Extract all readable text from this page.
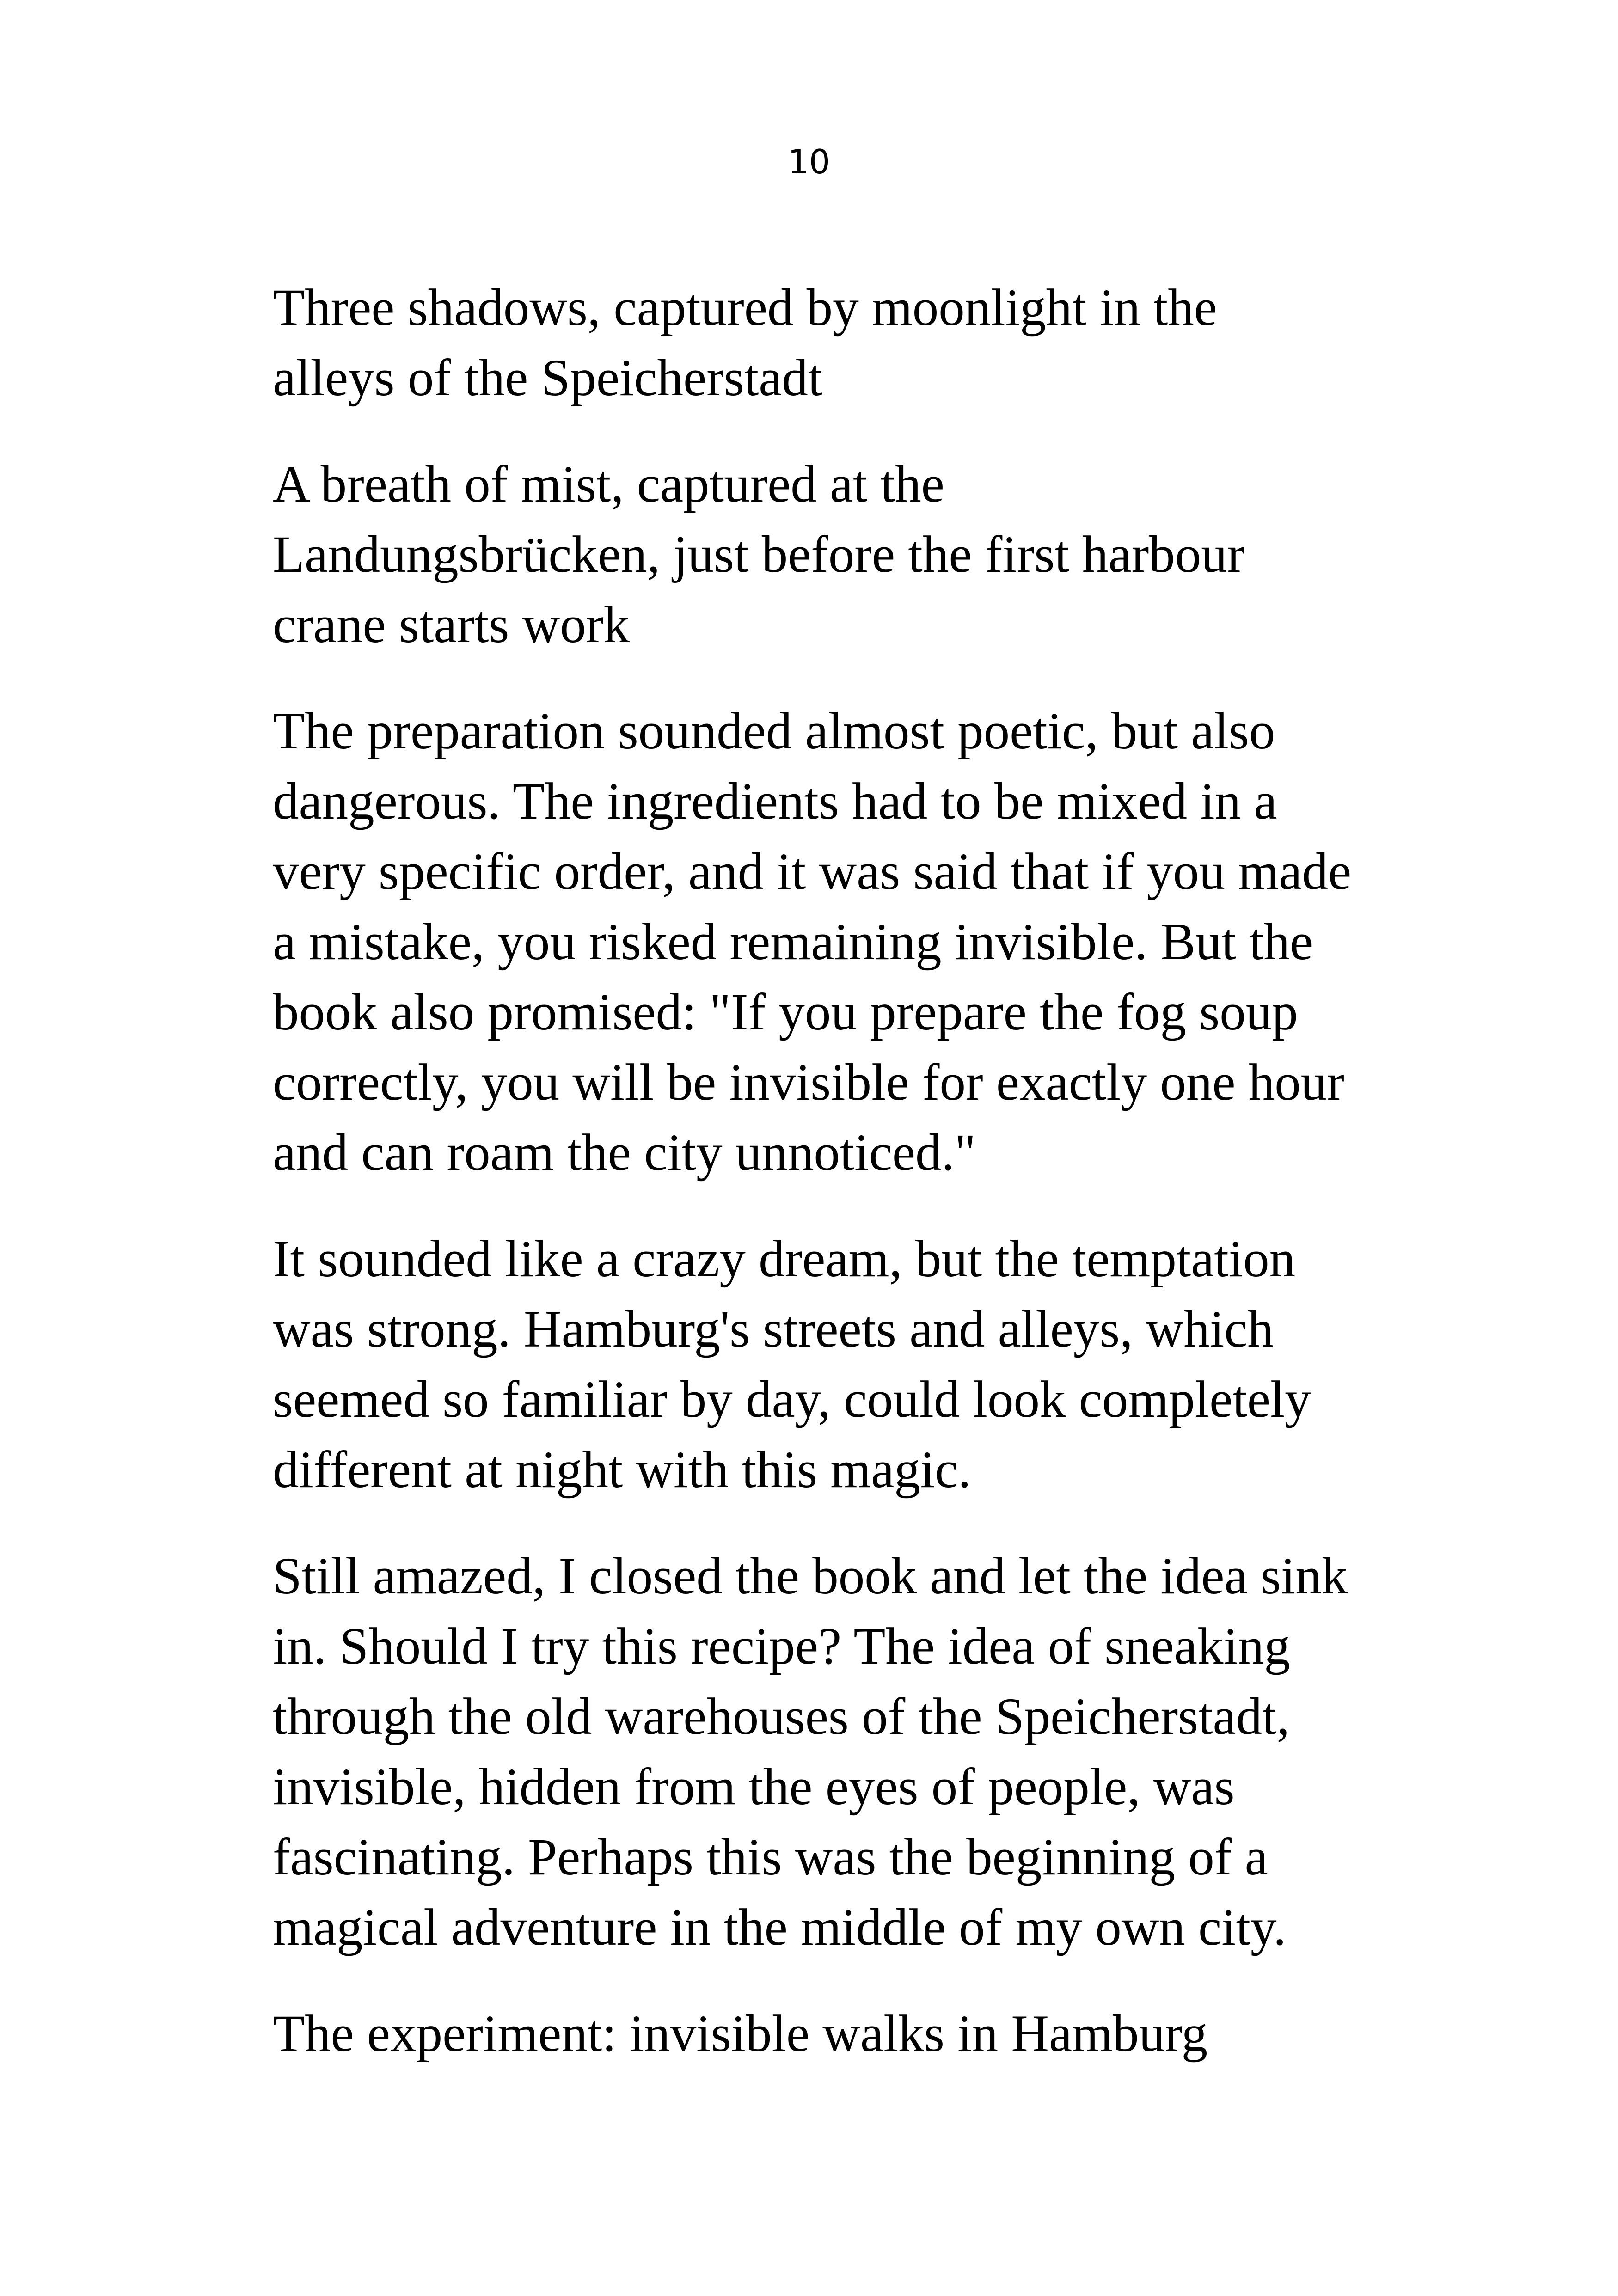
10

Three shadows, captured by moonlight in the
alleys of the Speicherstadt

A breath of mist, captured at the
Landungsbrücken, just before the first harbour
crane starts work

The preparation sounded almost poetic, but also
dangerous. The ingredients had to be mixed in a
very specific order, and it was said that if you made
a mistake, you risked remaining invisible. But the
book also promised: "If you prepare the fog soup
correctly, you will be invisible for exactly one hour
and can roam the city unnoticed."

It sounded like a crazy dream, but the temptation
was strong. Hamburg's streets and alleys, which
seemed so familiar by day, could look completely
different at night with this magic.

Still amazed, I closed the book and let the idea sink
in. Should I try this recipe? The idea of sneaking
through the old warehouses of the Speicherstadt,
invisible, hidden from the eyes of people, was
fascinating. Perhaps this was the beginning of a
magical adventure in the middle of my own city.

The experiment: invisible walks in Hamburg
